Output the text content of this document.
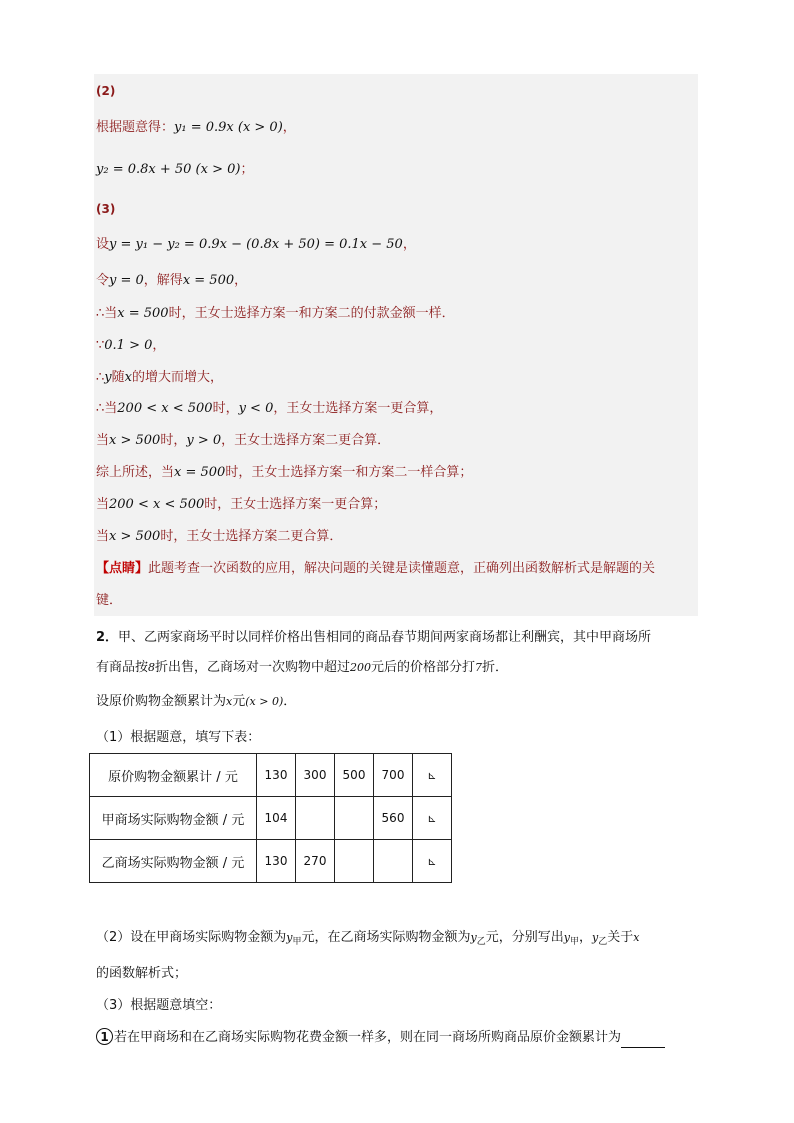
(2)
根据题意得：y₁ = 0.9x (x > 0)，
y₂ = 0.8x + 50 (x > 0)；
(3)
设y = y₁ − y₂ = 0.9x − (0.8x + 50) = 0.1x − 50，
令y = 0，解得x = 500，
∴当x = 500时，王女士选择方案一和方案二的付款金额一样．
∵0.1 > 0，
∴y随x的增大而增大，
∴当200 < x < 500时，y < 0，王女士选择方案一更合算，
当x > 500时，y > 0，王女士选择方案二更合算．
综上所述，当x = 500时，王女士选择方案一和方案二一样合算；
当200 < x < 500时，王女士选择方案一更合算；
当x > 500时，王女士选择方案二更合算．
【点睛】此题考查一次函数的应用，解决问题的关键是读懂题意，正确列出函数解析式是解题的关
键．
2．甲、乙两家商场平时以同样价格出售相同的商品春节期间两家商场都让利酬宾，其中甲商场所
有商品按8折出售，乙商场对一次购物中超过200元后的价格部分打7折．
设原价购物金额累计为x元(x > 0)．
（1）根据题意，填写下表：
原价购物金额累计 / 元	130	300	500	700	⊾
甲商场实际购物金额 / 元	104			560	⊾
乙商场实际购物金额 / 元	130	270			⊾
（2）设在甲商场实际购物金额为$y_甲$元，在乙商场实际购物金额为$y_乙$元，分别写出$y_甲$，$y_乙$关于x
的函数解析式；
（3）根据题意填空：
1 若在甲商场和在乙商场实际购物花费金额一样多，则在同一商场所购商品原价金额累计为
